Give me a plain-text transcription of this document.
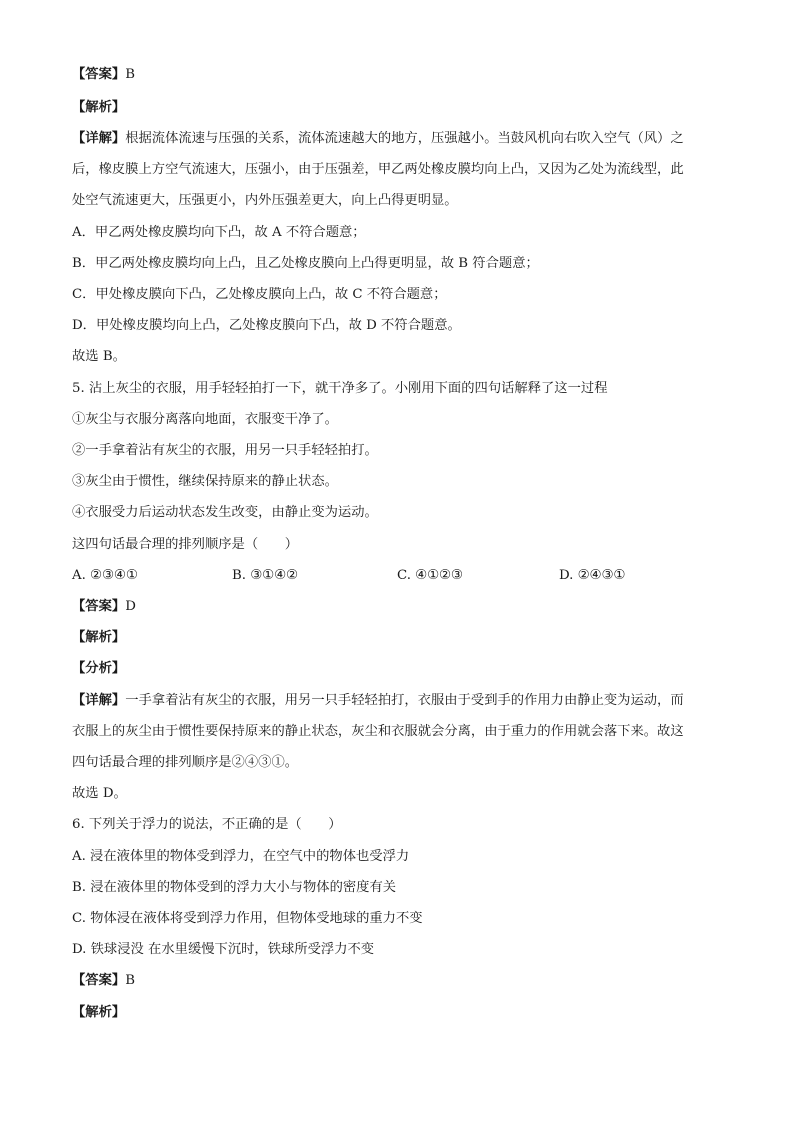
【答案】B
【解析】
【详解】根据流体流速与压强的关系，流体流速越大的地方，压强越小。当鼓风机向右吹入空气（风）之
后，橡皮膜上方空气流速大，压强小，由于压强差，甲乙两处橡皮膜均向上凸，又因为乙处为流线型，此
处空气流速更大，压强更小，内外压强差更大，向上凸得更明显。
A．甲乙两处橡皮膜均向下凸，故 A 不符合题意；
B．甲乙两处橡皮膜均向上凸，且乙处橡皮膜向上凸得更明显，故 B 符合题意；
C．甲处橡皮膜向下凸，乙处橡皮膜向上凸，故 C 不符合题意；
D．甲处橡皮膜均向上凸，乙处橡皮膜向下凸，故 D 不符合题意。
故选 B。
5. 沾上灰尘的衣服，用手轻轻拍打一下，就干净多了。小刚用下面的四句话解释了这一过程
①灰尘与衣服分离落向地面，衣服变干净了。
②一手拿着沾有灰尘的衣服，用另一只手轻轻拍打。
③灰尘由于惯性，继续保持原来的静止状态。
④衣服受力后运动状态发生改变，由静止变为运动。
这四句话最合理的排列顺序是（　　）
A. ②③④①	B. ③①④②	C. ④①②③	D. ②④③①
【答案】D
【解析】
【分析】
【详解】一手拿着沾有灰尘的衣服，用另一只手轻轻拍打，衣服由于受到手的作用力由静止变为运动，而
衣服上的灰尘由于惯性要保持原来的静止状态，灰尘和衣服就会分离，由于重力的作用就会落下来。故这
四句话最合理的排列顺序是②④③①。
故选 D。
6. 下列关于浮力的说法，不正确的是（　　）
A. 浸在液体里的物体受到浮力，在空气中的物体也受浮力
B. 浸在液体里的物体受到的浮力大小与物体的密度有关
C. 物体浸在液体将受到浮力作用，但物体受地球的重力不变
D. 铁球浸没 在水里缓慢下沉时，铁球所受浮力不变
【答案】B
【解析】
